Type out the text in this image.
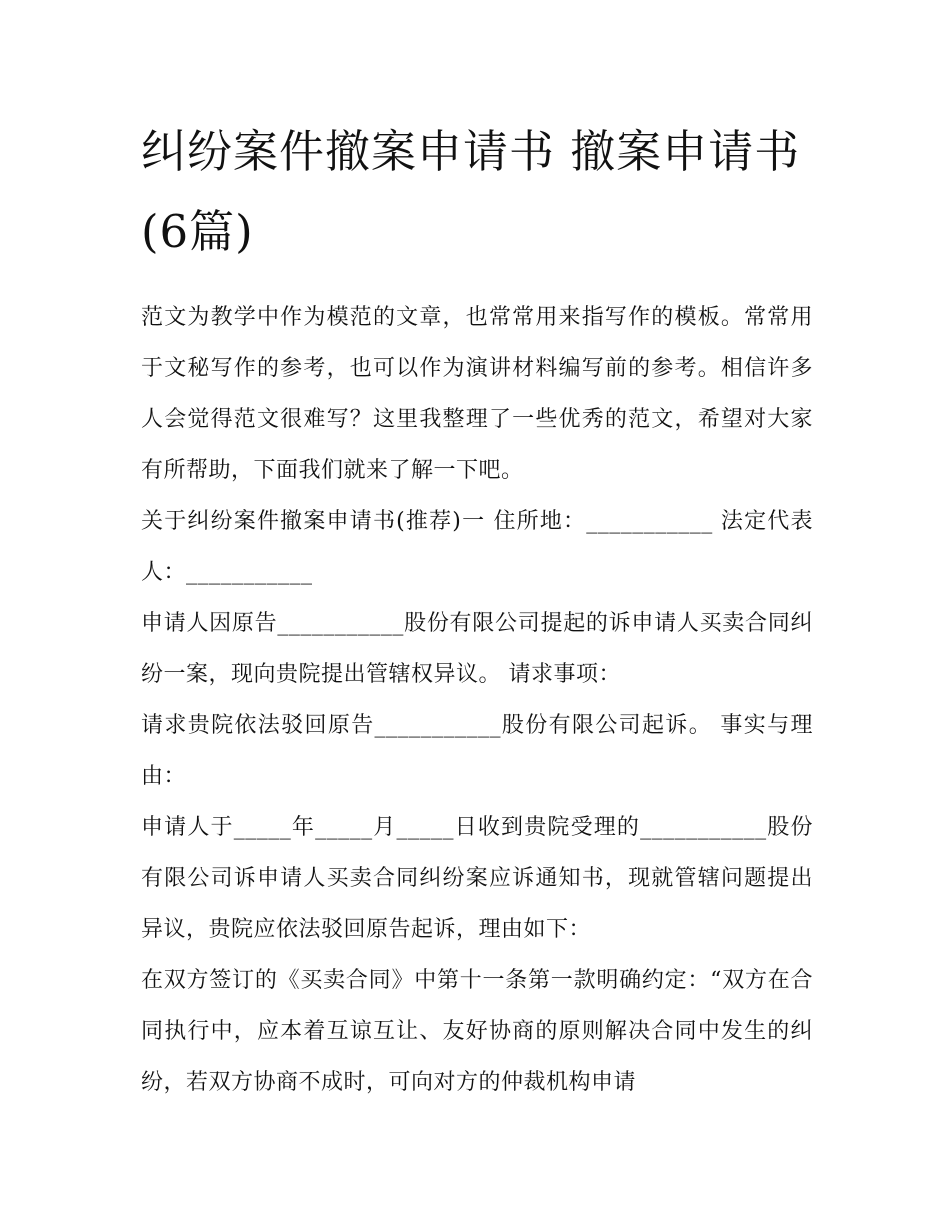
纠纷案件撤案申请书 撤案申请书(6篇)

范文为教学中作为模范的文章，也常常用来指写作的模板。常常用于文秘写作的参考，也可以作为演讲材料编写前的参考。相信许多人会觉得范文很难写？这里我整理了一些优秀的范文，希望对大家有所帮助，下面我们就来了解一下吧。

关于纠纷案件撤案申请书(推荐)一 住所地：___________ 法定代表人：___________

申请人因原告___________股份有限公司提起的诉申请人买卖合同纠纷一案，现向贵院提出管辖权异议。 请求事项：

请求贵院依法驳回原告___________股份有限公司起诉。 事实与理由：

申请人于_____年_____月_____日收到贵院受理的___________股份有限公司诉申请人买卖合同纠纷案应诉通知书，现就管辖问题提出异议，贵院应依法驳回原告起诉，理由如下：

在双方签订的《买卖合同》中第十一条第一款明确约定：“双方在合同执行中，应本着互谅互让、友好协商的原则解决合同中发生的纠纷，若双方协商不成时，可向对方的仲裁机构申请
